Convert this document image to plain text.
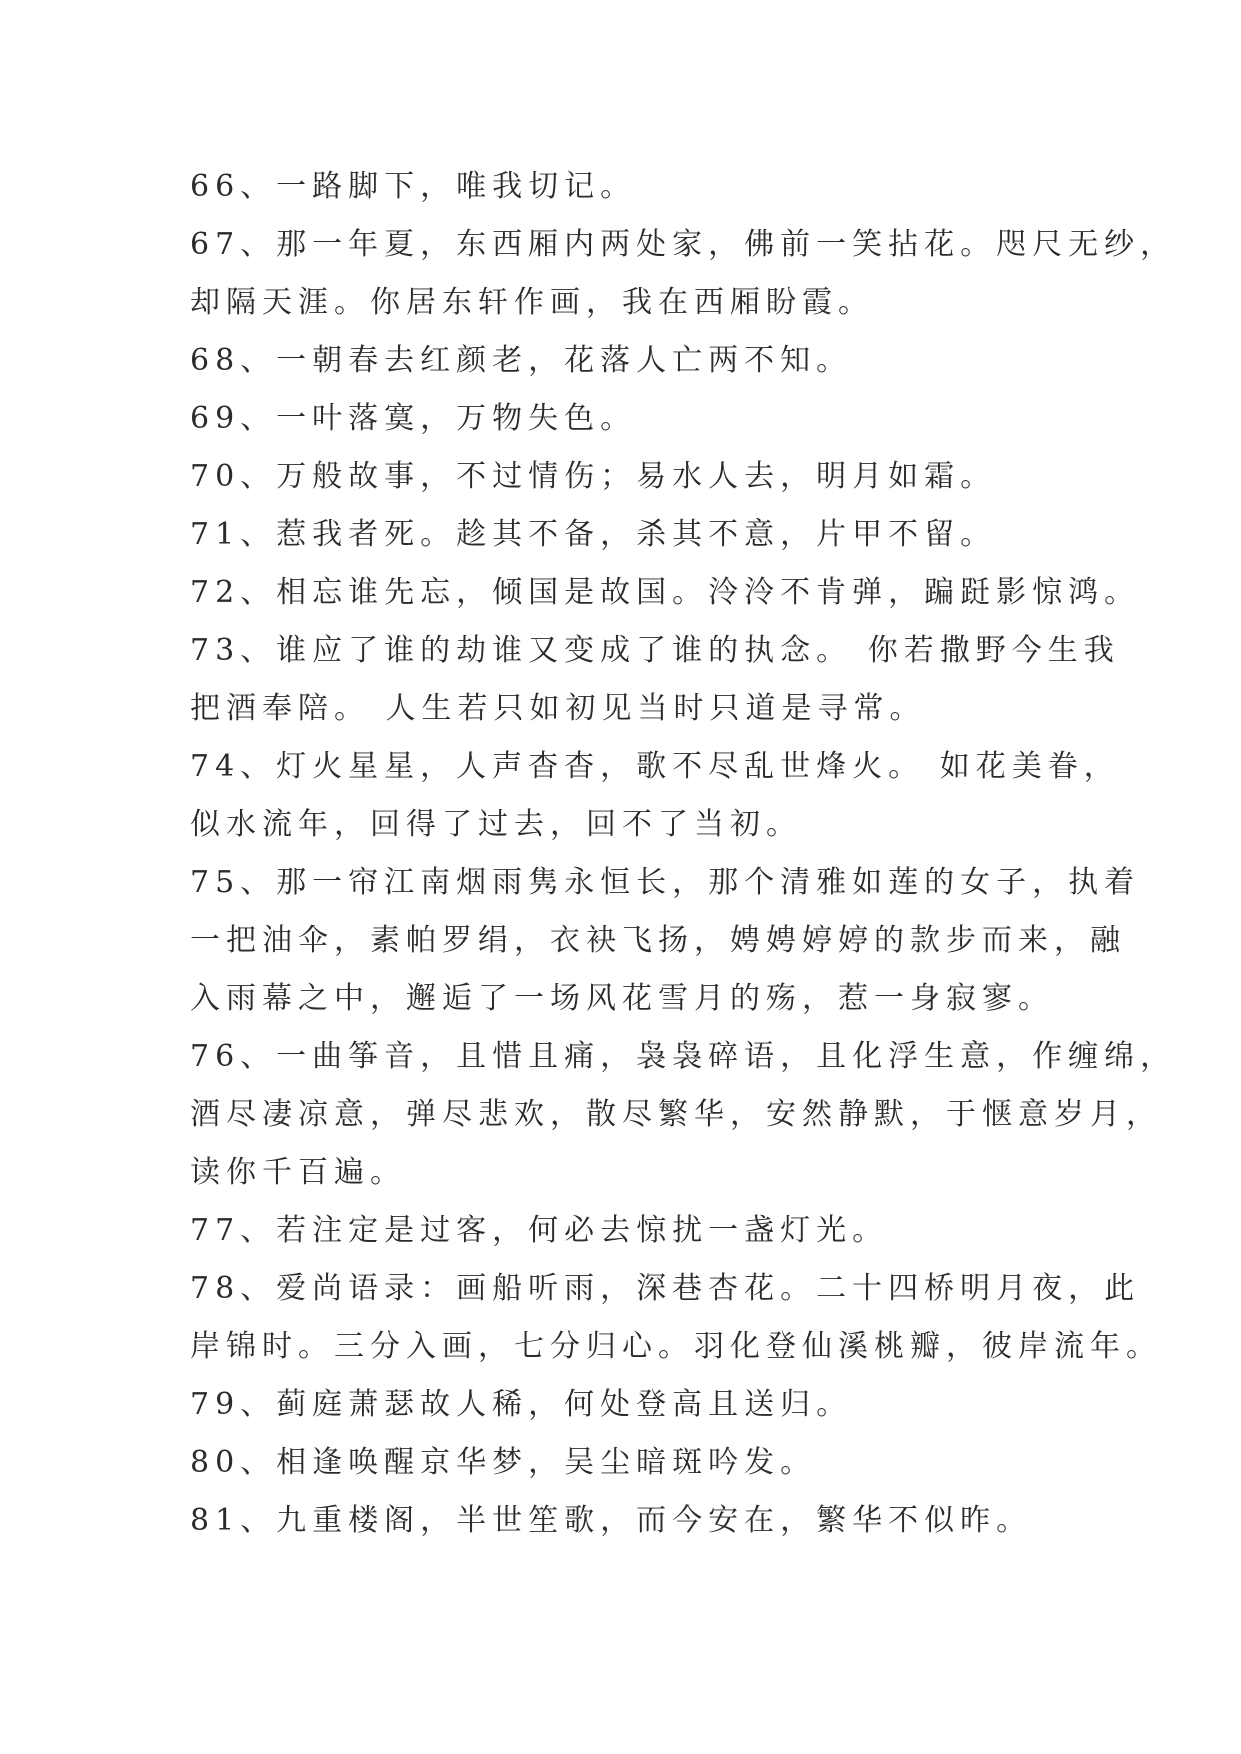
66、一路脚下，唯我切记。
67、那一年夏，东西厢内两处家，佛前一笑拈花。咫尺无纱，
却隔天涯。你居东轩作画，我在西厢盼霞。
68、一朝春去红颜老，花落人亡两不知。
69、一叶落寞，万物失色。
70、万般故事，不过情伤；易水人去，明月如霜。
71、惹我者死。趁其不备，杀其不意，片甲不留。
72、相忘谁先忘，倾国是故国。泠泠不肯弹，蹁跹影惊鸿。
73、谁应了谁的劫谁又变成了谁的执念。 你若撒野今生我
把酒奉陪。 人生若只如初见当时只道是寻常。
74、灯火星星，人声杳杳，歌不尽乱世烽火。 如花美眷，
似水流年，回得了过去，回不了当初。
75、那一帘江南烟雨隽永恒长，那个清雅如莲的女子，执着
一把油伞，素帕罗绢，衣袂飞扬，娉娉婷婷的款步而来，融
入雨幕之中，邂逅了一场风花雪月的殇，惹一身寂寥。
76、一曲筝音，且惜且痛，袅袅碎语，且化浮生意，作缠绵，
酒尽凄凉意，弹尽悲欢，散尽繁华，安然静默，于惬意岁月，
读你千百遍。
77、若注定是过客，何必去惊扰一盏灯光。
78、爱尚语录：画船听雨，深巷杏花。二十四桥明月夜，此
岸锦时。三分入画，七分归心。羽化登仙溪桃瓣，彼岸流年。
79、蓟庭萧瑟故人稀，何处登高且送归。
80、相逢唤醒京华梦，吴尘暗斑吟发。
81、九重楼阁，半世笙歌，而今安在，繁华不似昨。
